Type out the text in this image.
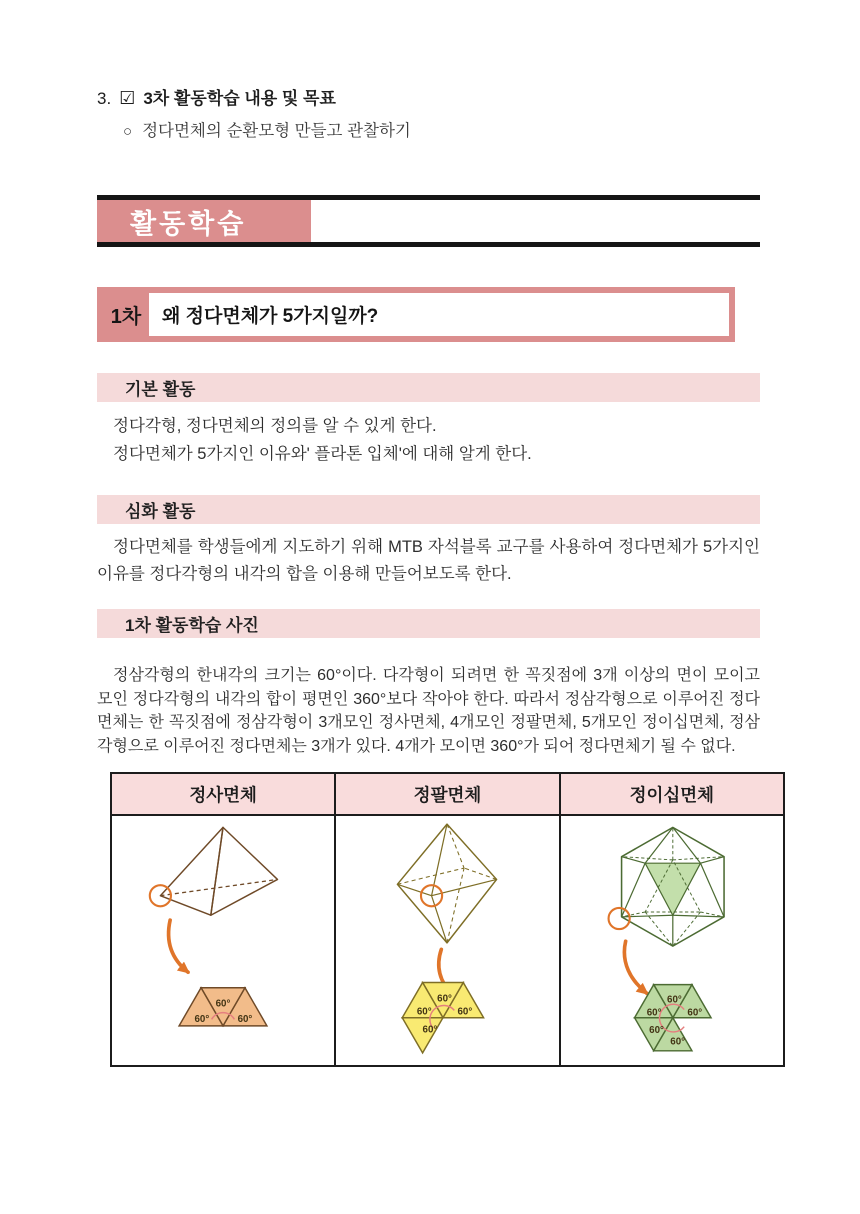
3. ☑ 3차 활동학습 내용 및 목표
○ 정다면체의 순환모형 만들고 관찰하기
활동학습
1차	왜 정다면체가 5가지일까?
기본 활동
정다각형, 정다면체의 정의를 알 수 있게 한다.
정다면체가 5가지인 이유와' 플라톤 입체'에 대해 알게 한다.
심화 활동

정다면체를 학생들에게 지도하기 위해 MTB 자석블록 교구를 사용하여 정다면체가 5가지인 이유를 정다각형의 내각의 합을 이용해 만들어보도록 한다.

1차 활동학습 사진

정삼각형의 한내각의 크기는 60°이다. 다각형이 되려면 한 꼭짓점에 3개 이상의 면이 모이고 모인 정다각형의 내각의 합이 평면인 360°보다 작아야 한다. 따라서 정삼각형으로 이루어진 정다면체는 한 꼭짓점에 정삼각형이 3개모인 정사면체, 4개모인 정팔면체, 5개모인 정이십면체, 정삼각형으로 이루어진 정다면체는 3개가 있다. 4개가 모이면 360°가 되어 정다면체기 될 수 없다.

정사면체	정팔면체	정이십면체

60°
60°
60°	60°
60° 60°
60°	60°
60° 60°
60°
60°
